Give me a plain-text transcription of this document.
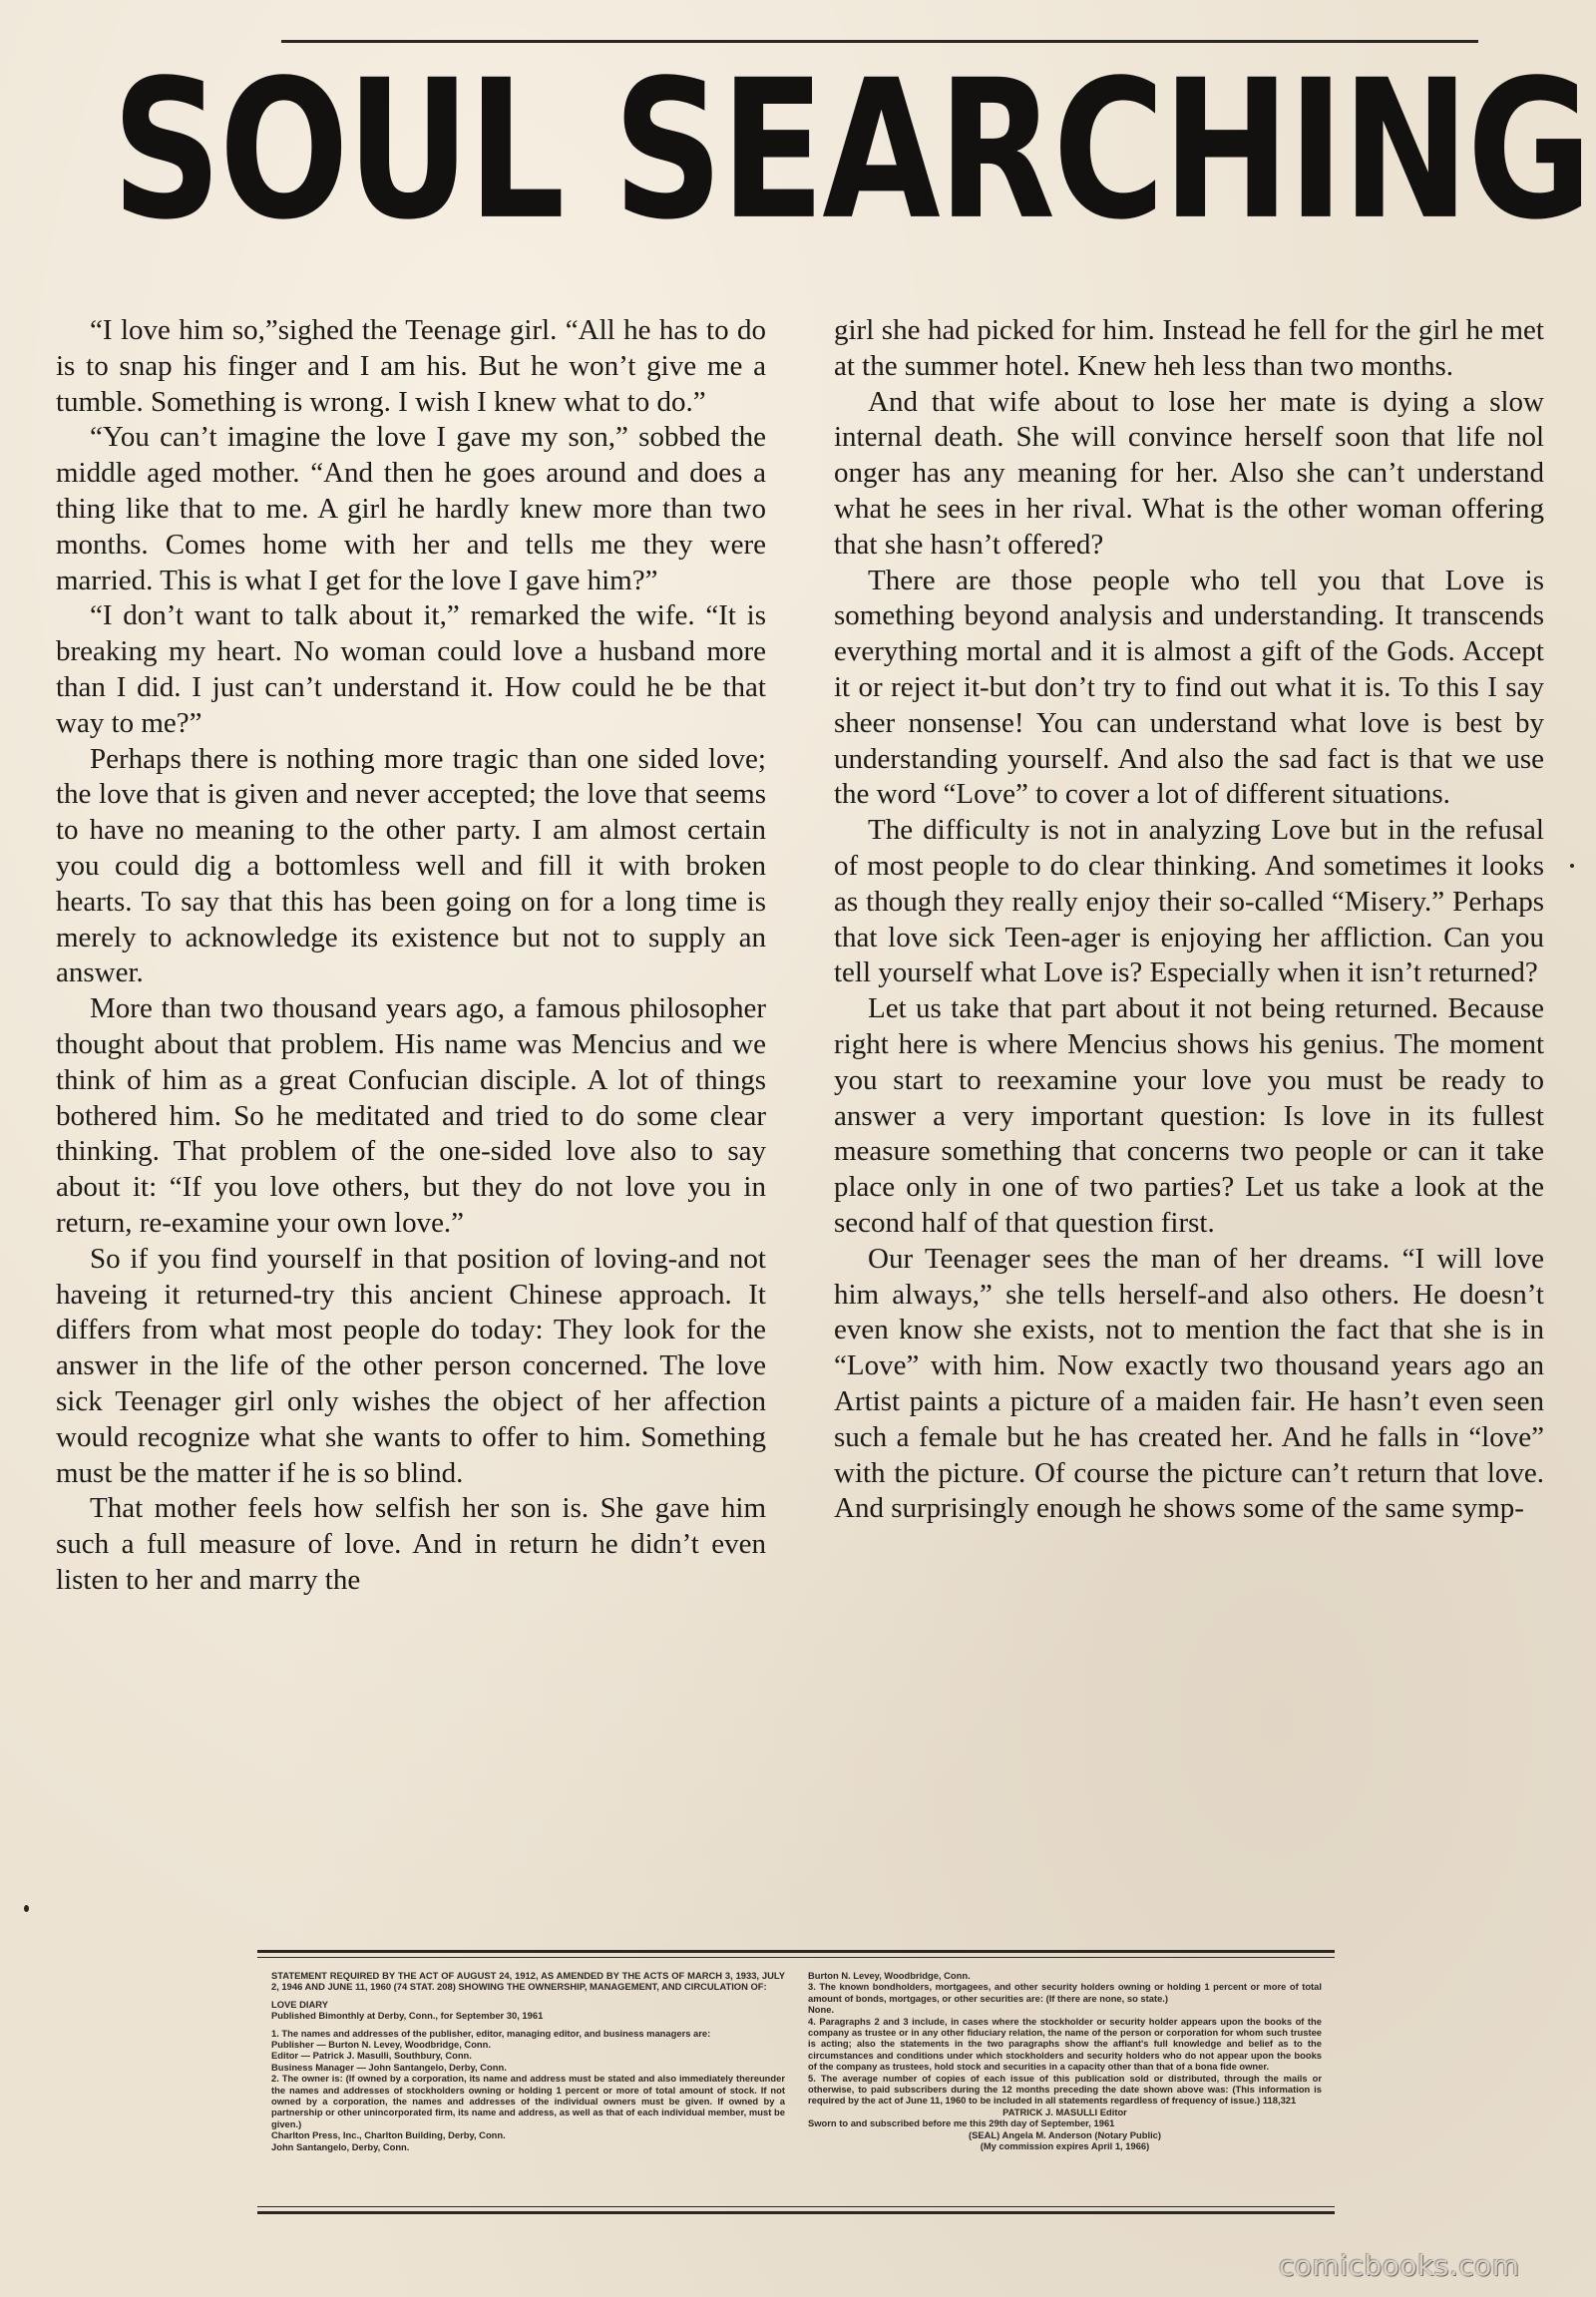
SOUL SEARCHING

“I love him so,”sighed the Teenage girl. “All he has to do is to snap his finger and I am his. But he won’t give me a tumble. Something is wrong. I wish I knew what to do.”

“You can’t imagine the love I gave my son,” sobbed the middle aged mother. “And then he goes around and does a thing like that to me. A girl he hardly knew more than two months. Comes home with her and tells me they were married. This is what I get for the love I gave him?”

“I don’t want to talk about it,” remarked the wife. “It is breaking my heart. No woman could love a husband more than I did. I just can’t understand it. How could he be that way to me?”

Perhaps there is nothing more tragic than one sided love; the love that is given and never accepted; the love that seems to have no meaning to the other party. I am almost certain you could dig a bottomless well and fill it with broken hearts. To say that this has been going on for a long time is merely to acknowledge its existence but not to supply an answer.

More than two thousand years ago, a famous philosopher thought about that problem. His name was Mencius and we think of him as a great Confucian disciple. A lot of things bothered him. So he meditated and tried to do some clear thinking. That problem of the one-sided love also to say about it: “If you love others, but they do not love you in return, re-examine your own love.”

So if you find yourself in that position of loving-and not haveing it returned-try this ancient Chinese approach. It differs from what most people do today: They look for the answer in the life of the other person concerned. The love sick Teenager girl only wishes the object of her affection would recognize what she wants to offer to him. Something must be the matter if he is so blind.

That mother feels how selfish her son is. She gave him such a full measure of love. And in return he didn’t even listen to her and marry the

girl she had picked for him. Instead he fell for the girl he met at the summer hotel. Knew heh less than two months.

And that wife about to lose her mate is dying a slow internal death. She will convince herself soon that life nol onger has any meaning for her. Also she can’t understand what he sees in her rival. What is the other woman offering that she hasn’t offered?

There are those people who tell you that Love is something beyond analysis and understanding. It transcends everything mortal and it is almost a gift of the Gods. Accept it or reject it-but don’t try to find out what it is. To this I say sheer nonsense! You can understand what love is best by understanding yourself. And also the sad fact is that we use the word “Love” to cover a lot of different situations.

The difficulty is not in analyzing Love but in the refusal of most people to do clear thinking. And sometimes it looks as though they really enjoy their so-called “Misery.” Perhaps that love sick Teen-ager is enjoying her affliction. Can you tell yourself what Love is? Especially when it isn’t returned?

Let us take that part about it not being returned. Because right here is where Mencius shows his genius. The moment you start to reexamine your love you must be ready to answer a very important question: Is love in its fullest measure something that concerns two people or can it take place only in one of two parties? Let us take a look at the second half of that question first.

Our Teenager sees the man of her dreams. “I will love him always,” she tells herself-and also others. He doesn’t even know she exists, not to mention the fact that she is in “Love” with him. Now exactly two thousand years ago an Artist paints a picture of a maiden fair. He hasn’t even seen such a female but he has created her. And he falls in “love” with the picture. Of course the picture can’t return that love. And surprisingly enough he shows some of the same symp-

STATEMENT REQUIRED BY THE ACT OF AUGUST 24, 1912, AS AMENDED BY THE ACTS OF MARCH 3, 1933, JULY 2, 1946 AND JUNE 11, 1960 (74 STAT. 208) SHOWING THE OWNERSHIP, MANAGEMENT, AND CIRCULATION OF:
LOVE DIARY
Published Bimonthly at Derby, Conn., for September 30, 1961
1. The names and addresses of the publisher, editor, managing editor, and business managers are:
Publisher — Burton N. Levey, Woodbridge, Conn.
Editor — Patrick J. Masulli, Southbury, Conn.
Business Manager — John Santangelo, Derby, Conn.
2. The owner is: (If owned by a corporation, its name and address must be stated and also immediately thereunder the names and addresses of stockholders owning or holding 1 percent or more of total amount of stock. If not owned by a corporation, the names and addresses of the individual owners must be given. If owned by a partnership or other unincorporated firm, its name and address, as well as that of each individual member, must be given.)
Charlton Press, Inc., Charlton Building, Derby, Conn.
John Santangelo, Derby, Conn.
Burton N. Levey, Woodbridge, Conn.
3. The known bondholders, mortgagees, and other security holders owning or holding 1 percent or more of total amount of bonds, mortgages, or other securities are: (If there are none, so state.)
None.
4. Paragraphs 2 and 3 include, in cases where the stockholder or security holder appears upon the books of the company as trustee or in any other fiduciary relation, the name of the person or corporation for whom such trustee is acting; also the statements in the two paragraphs show the affiant's full knowledge and belief as to the circumstances and conditions under which stockholders and security holders who do not appear upon the books of the company as trustees, hold stock and securities in a capacity other than that of a bona fide owner.
5. The average number of copies of each issue of this publication sold or distributed, through the mails or otherwise, to paid subscribers during the 12 months preceding the date shown above was: (This information is required by the act of June 11, 1960 to be included in all statements regardless of frequency of issue.) 118,321
PATRICK J. MASULLI Editor
Sworn to and subscribed before me this 29th day of September, 1961
(SEAL) Angela M. Anderson (Notary Public)
(My commission expires April 1, 1966)
comicbooks.com
